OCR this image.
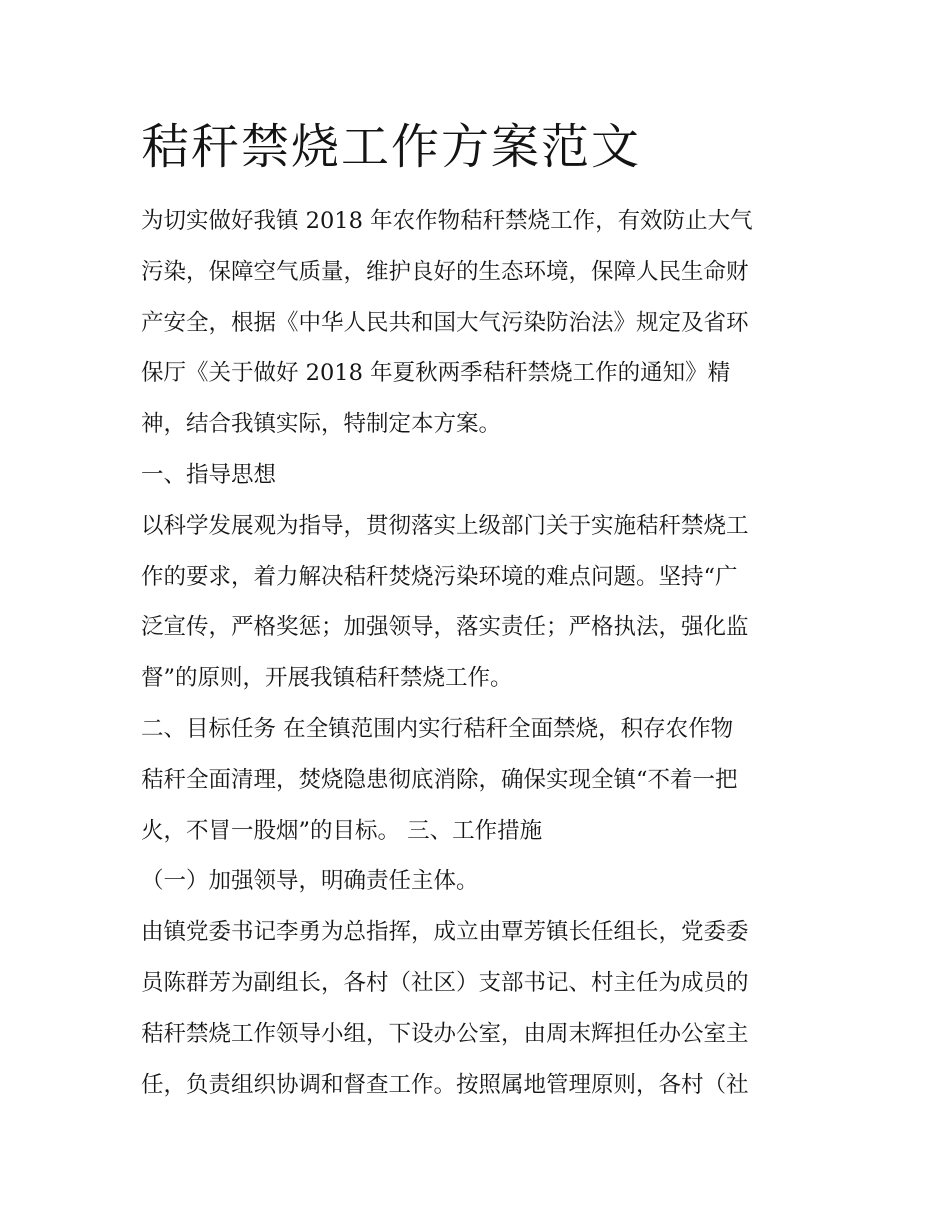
秸秆禁烧工作方案范文
为切实做好我镇 2018 年农作物秸秆禁烧工作，有效防止大气
污染，保障空气质量，维护良好的生态环境，保障人民生命财
产安全，根据《中华人民共和国大气污染防治法》规定及省环
保厅《关于做好 2018 年夏秋两季秸秆禁烧工作的通知》精
神，结合我镇实际，特制定本方案。
一、指导思想
以科学发展观为指导，贯彻落实上级部门关于实施秸秆禁烧工
作的要求，着力解决秸秆焚烧污染环境的难点问题。坚持“广
泛宣传，严格奖惩；加强领导，落实责任；严格执法，强化监
督”的原则，开展我镇秸秆禁烧工作。
二、目标任务 在全镇范围内实行秸秆全面禁烧，积存农作物
秸秆全面清理，焚烧隐患彻底消除，确保实现全镇“不着一把
火，不冒一股烟”的目标。 三、工作措施
（一）加强领导，明确责任主体。
由镇党委书记李勇为总指挥，成立由覃芳镇长任组长，党委委
员陈群芳为副组长，各村（社区）支部书记、村主任为成员的
秸秆禁烧工作领导小组，下设办公室，由周末辉担任办公室主
任，负责组织协调和督查工作。按照属地管理原则，各村（社
